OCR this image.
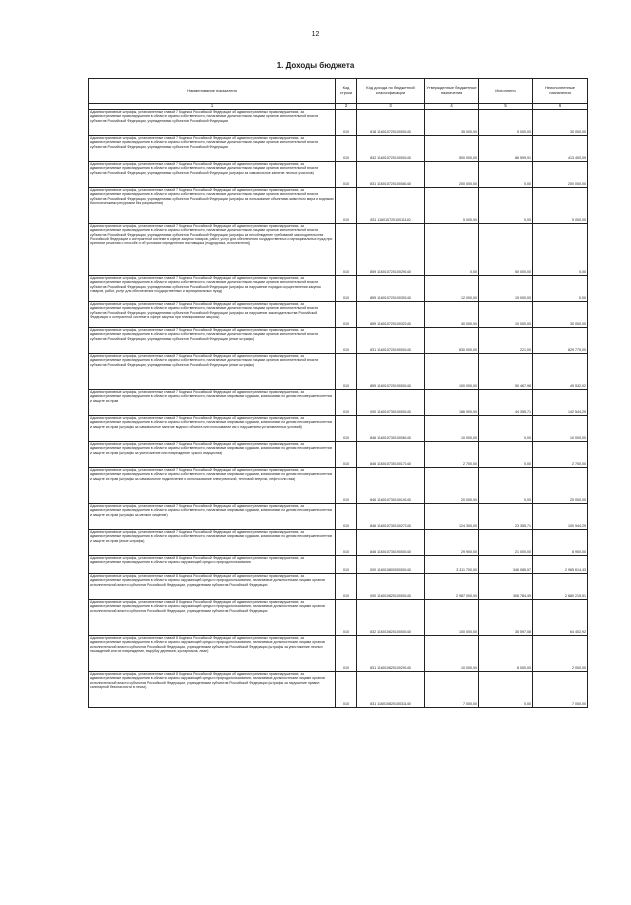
12
1. Доходы бюджета
Наименование показателя	Код строки	Код дохода по бюджетной классификации	Утвержденные бюджетные назначения	Исполнено	Неисполненные назначения
1	2	3	4	5	6
Административные штрафы, установленные главой 7 Кодекса Российской Федерации об административных правонарушениях, за административные правонарушения в области охраны собственности, налагаемые должностными лицами органов исполнительной власти субъектов Российской Федерации, учреждениями субъектов Российской Федерации	010	818 11601072010000140	35 000,00	5 000,00	30 000,00
Административные штрафы, установленные главой 7 Кодекса Российской Федерации об административных правонарушениях, за административные правонарушения в области охраны собственности, налагаемые должностными лицами органов исполнительной власти субъектов Российской Федерации, учреждениями субъектов Российской Федерации	010	832 11601072010000140	500 000,00	86 599,91	413 400,09
Административные штрафы, установленные главой 7 Кодекса Российской Федерации об административных правонарушениях, за административные правонарушения в области охраны собственности, налагаемые должностными лицами органов исполнительной власти субъектов Российской Федерации, учреждениями субъектов Российской Федерации (штрафы за самовольное занятие лесных участков)	010	831 11601072010008140	200 000,00	0,00	200 000,00
Административные штрафы, установленные главой 7 Кодекса Российской Федерации об административных правонарушениях, за административные правонарушения в области охраны собственности, налагаемые должностными лицами органов исполнительной власти субъектов Российской Федерации, учреждениями субъектов Российской Федерации (штрафы за пользование объектами животного мира и водными биологическими ресурсами без разрешения)	010	831 11601072010011140	5 000,00	0,00	5 000,00
Административные штрафы, установленные главой 7 Кодекса Российской Федерации об административных правонарушениях, за административные правонарушения в области охраны собственности, налагаемые должностными лицами органов исполнительной власти субъектов Российской Федерации, учреждениями субъектов Российской Федерации (штрафы за несоблюдение требований законодательства Российской Федерации о контрактной системе в сфере закупок товаров, работ, услуг для обеспечения государственных и муниципальных нужд при принятии решения о способе и об условиях определения поставщика (подрядчика, исполнителя))	010	859 11601072010029140	0,00	50 000,00	0,00
Административные штрафы, установленные главой 7 Кодекса Российской Федерации об административных правонарушениях, за административные правонарушения в области охраны собственности, налагаемые должностными лицами органов исполнительной власти субъектов Российской Федерации, учреждениями субъектов Российской Федерации (штрафы за нарушение порядка осуществления закупок товаров, работ, услуг для обеспечения государственных и муниципальных нужд)	010	859 11601072010030140	12 000,00	15 000,00	0,00
Административные штрафы, установленные главой 7 Кодекса Российской Федерации об административных правонарушениях, за административные правонарушения в области охраны собственности, налагаемые должностными лицами органов исполнительной власти субъектов Российской Федерации, учреждениями субъектов Российской Федерации (штрафы за нарушение законодательства Российской Федерации о контрактной системе в сфере закупок при планировании закупок)	010	859 11601072010032140	40 000,00	10 000,00	30 000,00
Административные штрафы, установленные главой 7 Кодекса Российской Федерации об административных правонарушениях, за административные правонарушения в области охраны собственности, налагаемые должностными лицами органов исполнительной власти субъектов Российской Федерации, учреждениями субъектов Российской Федерации (иные штрафы)	010	831 11601072019000140	830 000,00	221,00	829 779,00
Административные штрафы, установленные главой 7 Кодекса Российской Федерации об административных правонарушениях, за административные правонарушения в области охраны собственности, налагаемые должностными лицами органов исполнительной власти субъектов Российской Федерации, учреждениями субъектов Российской Федерации (иные штрафы)	010	859 11601072019000140	100 000,00	50 467,98	49 532,02
Административные штрафы, установленные главой 7 Кодекса Российской Федерации об административных правонарушениях, за административные правонарушения в области охраны собственности, налагаемые мировыми судьями, комиссиями по делам несовершеннолетних и защите их прав	010	000 11601073010000140	186 900,00	44 355,71	142 544,29
Административные штрафы, установленные главой 7 Кодекса Российской Федерации об административных правонарушениях, за административные правонарушения в области охраны собственности, налагаемые мировыми судьями, комиссиями по делам несовершеннолетних и защите их прав (штрафы за самовольное занятие водного объекта или пользование им с нарушением установленных условий)	010	846 11601073010006140	10 000,00	0,00	10 000,00
Административные штрафы, установленные главой 7 Кодекса Российской Федерации об административных правонарушениях, за административные правонарушения в области охраны собственности, налагаемые мировыми судьями, комиссиями по делам несовершеннолетних и защите их прав (штрафы за уничтожение или повреждение чужого имущества)	010	846 11601073010017140	2 700,00	0,00	2 700,00
Административные штрафы, установленные главой 7 Кодекса Российской Федерации об административных правонарушениях, за административные правонарушения в области охраны собственности, налагаемые мировыми судьями, комиссиями по делам несовершеннолетних и защите их прав (штрафы за самовольное подключение и использование электрической, тепловой энергии, нефти или газа)	010	846 11601073010019140	20 000,00	0,00	20 000,00
Административные штрафы, установленные главой 7 Кодекса Российской Федерации об административных правонарушениях, за административные правонарушения в области охраны собственности, налагаемые мировыми судьями, комиссиями по делам несовершеннолетних и защите их прав (штрафы за мелкое хищение)	010	846 11601073010027140	124 300,00	23 355,71	100 944,29
Административные штрафы, установленные главой 7 Кодекса Российской Федерации об административных правонарушениях, за административные правонарушения в области охраны собственности, налагаемые мировыми судьями, комиссиями по делам несовершеннолетних и защите их прав (иные штрафы)	010	846 11601073019000140	29 900,00	21 000,00	8 900,00
Административные штрафы, установленные главой 8 Кодекса Российской Федерации об административных правонарушениях, за административные правонарушения в области охраны окружающей среды и природопользования	010	000 11601080000000140	3 311 700,00	346 085,57	2 965 614,43
Административные штрафы, установленные главой 8 Кодекса Российской Федерации об административных правонарушениях, за административные правонарушения в области охраны окружающей среды и природопользования, налагаемые должностными лицами органов исполнительной власти субъектов Российской Федерации, учреждениями субъектов Российской Федерации	010	000 11601082010000140	2 987 000,00	306 784,49	2 680 215,51
Административные штрафы, установленные главой 8 Кодекса Российской Федерации об административных правонарушениях, за административные правонарушения в области охраны окружающей среды и природопользования, налагаемые должностными лицами органов исполнительной власти субъектов Российской Федерации, учреждениями субъектов Российской Федерации	010	832 11601082010000140	100 000,00	35 597,08	64 402,92
Административные штрафы, установленные главой 8 Кодекса Российской Федерации об административных правонарушениях, за административные правонарушения в области охраны окружающей среды и природопользования, налагаемые должностными лицами органов исполнительной власти субъектов Российской Федерации, учреждениями субъектов Российской Федерации (штрафы за уничтожение лесных насаждений или их повреждение, вырубку деревьев, кустарников, лиан)	010	831 11601082010029140	10 000,00	8 000,00	2 000,00
Административные штрафы, установленные главой 8 Кодекса Российской Федерации об административных правонарушениях, за административные правонарушения в области охраны окружающей среды и природопользования, налагаемые должностными лицами органов исполнительной власти субъектов Российской Федерации, учреждениями субъектов Российской Федерации (штрафы за нарушение правил санитарной безопасности в лесах)	010	831 11601082010031140	7 000,00	0,00	7 000,00
